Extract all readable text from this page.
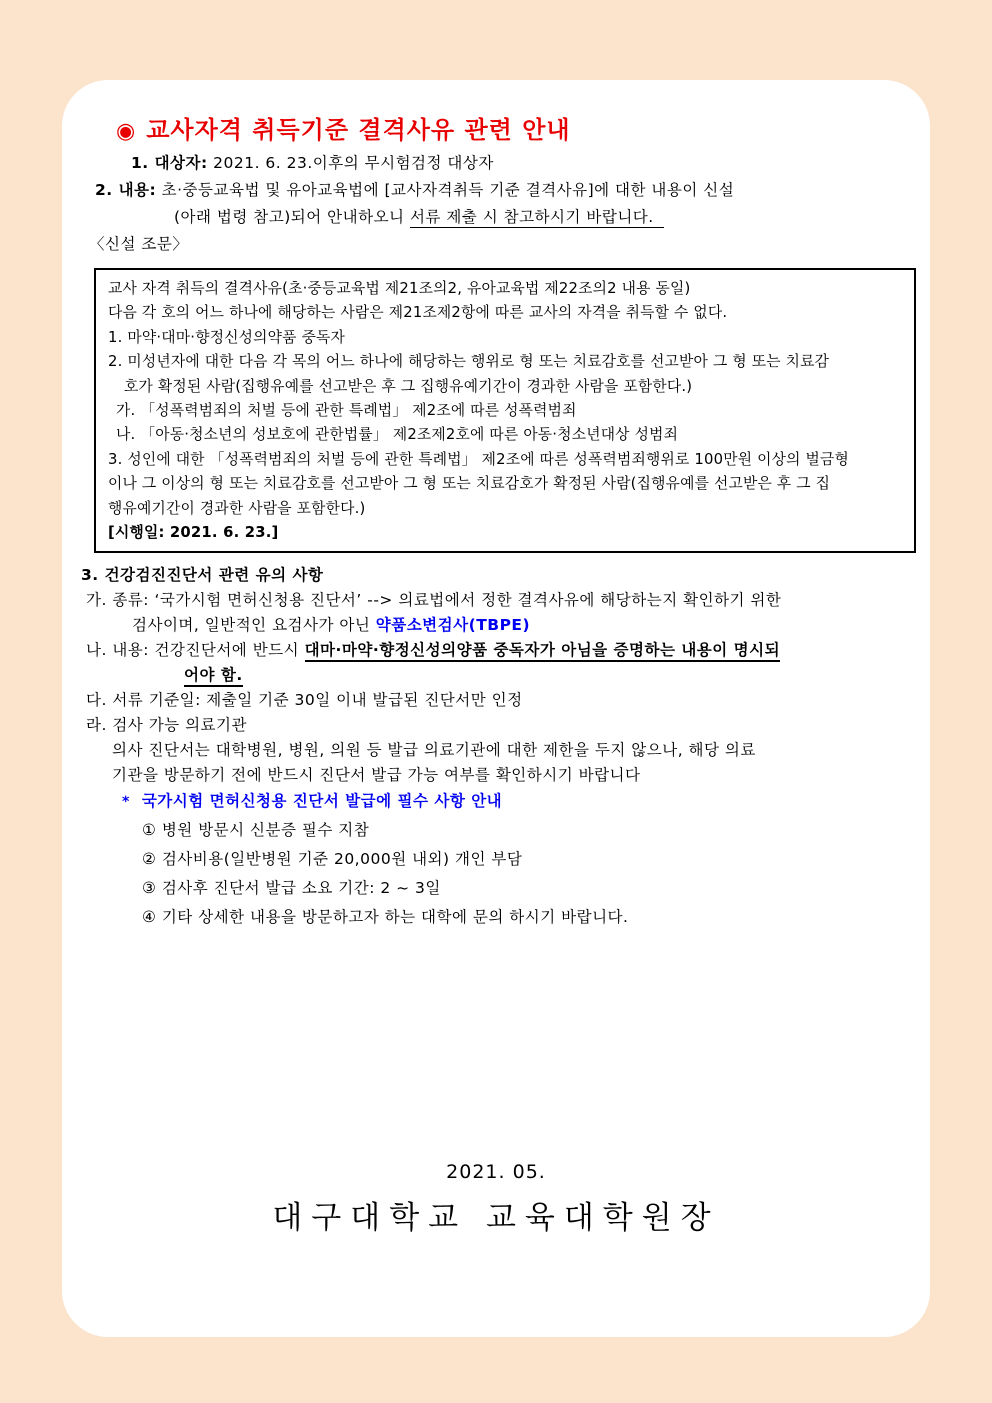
◉ 교사자격 취득기준 결격사유 관련 안내
1. 대상자: 2021. 6. 23.이후의 무시험검정 대상자
2. 내용: 초·중등교육법 및 유아교육법에 [교사자격취득 기준 결격사유]에 대한 내용이 신설
(아래 법령 참고)되어 안내하오니 서류 제출 시 참고하시기 바랍니다.
〈신설 조문〉
교사 자격 취득의 결격사유(초·중등교육법 제21조의2, 유아교육법 제22조의2 내용 동일)
다음 각 호의 어느 하나에 해당하는 사람은 제21조제2항에 따른 교사의 자격을 취득할 수 없다.
1. 마약·대마·향정신성의약품 중독자
2. 미성년자에 대한 다음 각 목의 어느 하나에 해당하는 행위로 형 또는 치료감호를 선고받아 그 형 또는 치료감
호가 확정된 사람(집행유예를 선고받은 후 그 집행유예기간이 경과한 사람을 포함한다.)
가. 「성폭력범죄의 처벌 등에 관한 특례법」 제2조에 따른 성폭력범죄
나. 「아동·청소년의 성보호에 관한법률」 제2조제2호에 따른 아동·청소년대상 성범죄
3. 성인에 대한 「성폭력범죄의 처벌 등에 관한 특례법」 제2조에 따른 성폭력범죄행위로 100만원 이상의 벌금형
이나 그 이상의 형 또는 치료감호를 선고받아 그 형 또는 치료감호가 확정된 사람(집행유예를 선고받은 후 그 집
행유예기간이 경과한 사람을 포함한다.)
[시행일: 2021. 6. 23.]
3. 건강검진진단서 관련 유의 사항
가. 종류: ‘국가시험 면허신청용 진단서’ --> 의료법에서 정한 결격사유에 해당하는지 확인하기 위한
검사이며, 일반적인 요검사가 아닌 약품소변검사(TBPE)
나. 내용: 건강진단서에 반드시 대마·마약·향정신성의양품 중독자가 아님을 증명하는 내용이 명시되
어야 함.
다. 서류 기준일: 제출일 기준 30일 이내 발급된 진단서만 인정
라. 검사 가능 의료기관
의사 진단서는 대학병원, 병원, 의원 등 발급 의료기관에 대한 제한을 두지 않으나, 해당 의료
기관을 방문하기 전에 반드시 진단서 발급 가능 여부를 확인하시기 바랍니다
* 국가시험 면허신청용 진단서 발급에 필수 사항 안내
① 병원 방문시 신분증 필수 지참
② 검사비용(일반병원 기준 20,000원 내외) 개인 부담
③ 검사후 진단서 발급 소요 기간: 2 ~ 3일
④ 기타 상세한 내용을 방문하고자 하는 대학에 문의 하시기 바랍니다.
2021. 05.
대구대학교 교육대학원장
